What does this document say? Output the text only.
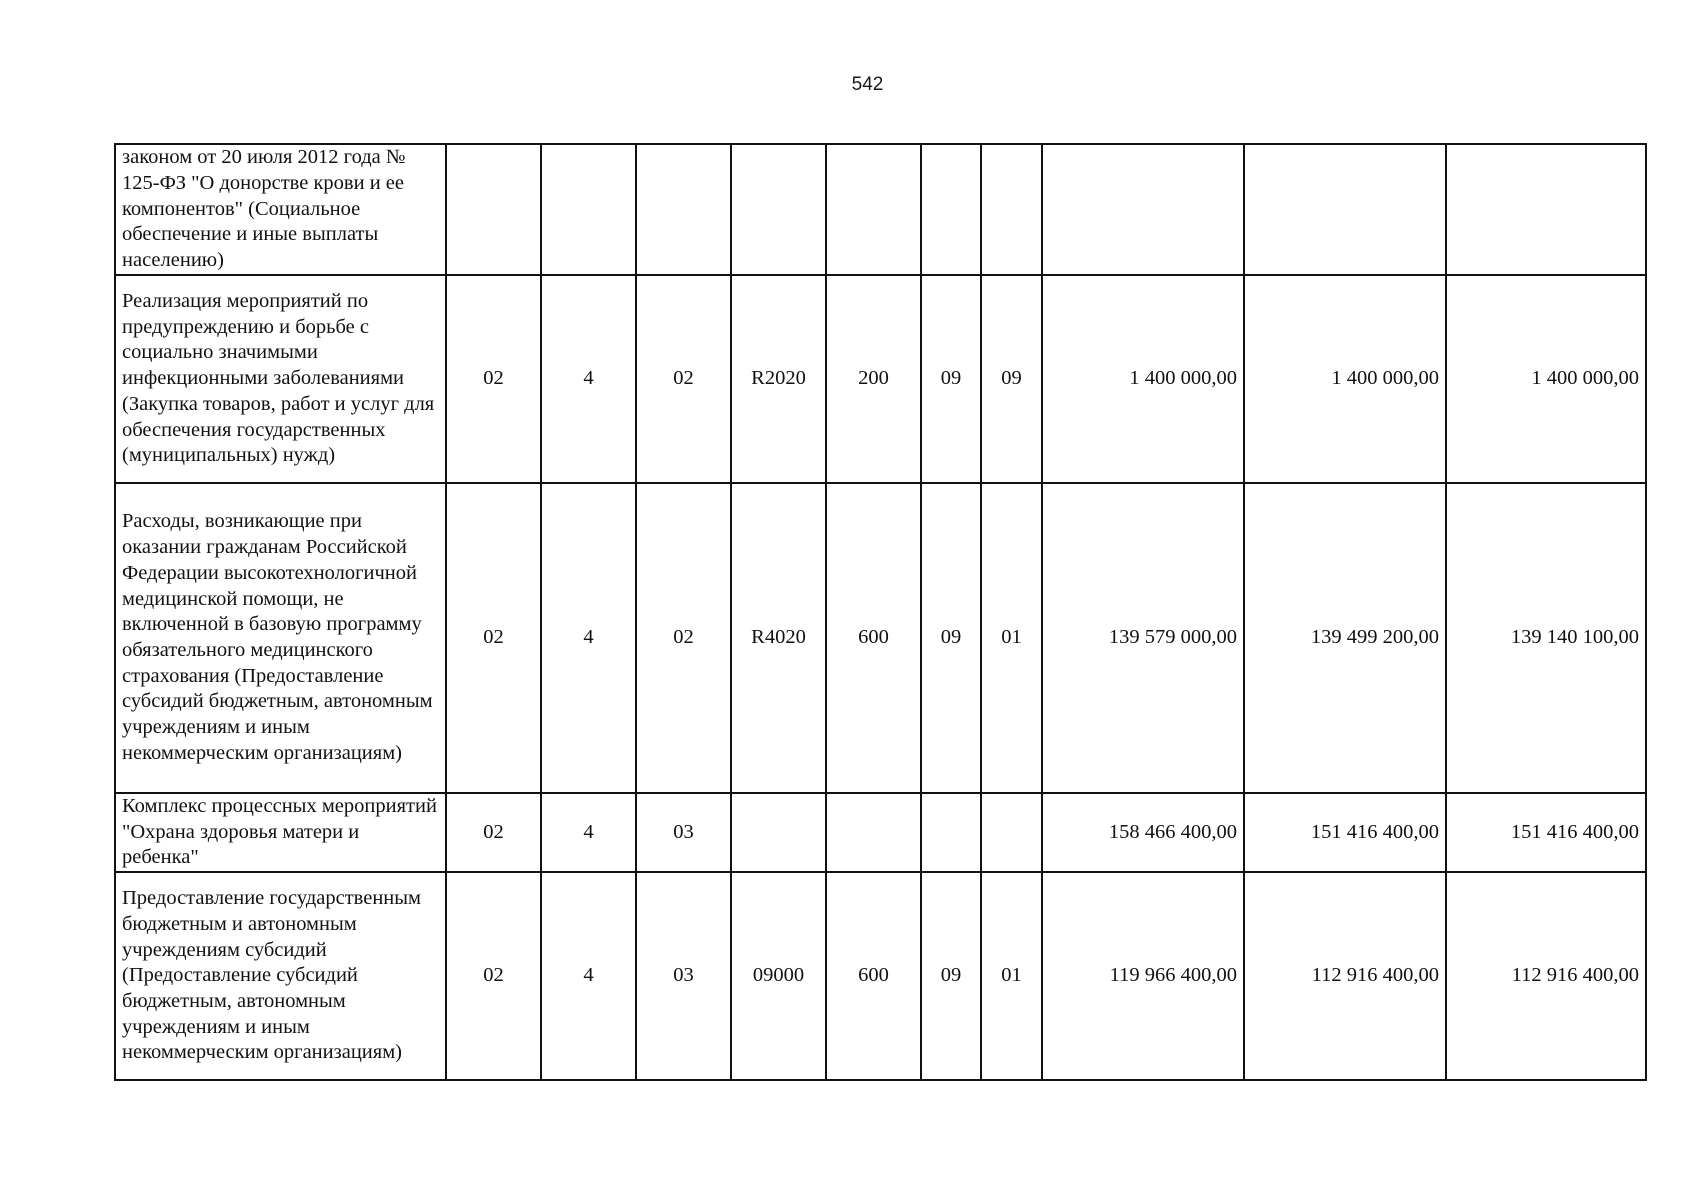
542
законом от 20 июля 2012 года № 125-ФЗ "О донорстве крови и ее компонентов" (Социальное обеспечение и иные выплаты населению)										
Реализация мероприятий по предупреждению и борьбе с социально значимыми инфекционными заболеваниями (Закупка товаров, работ и услуг для обеспечения государственных (муниципальных) нужд)	02	4	02	R2020	200	09	09	1 400 000,00	1 400 000,00	1 400 000,00
Расходы, возникающие при оказании гражданам Российской Федерации высокотехнологичной медицинской помощи, не включенной в базовую программу обязательного медицинского страхования (Предоставление субсидий бюджетным, автономным учреждениям и иным некоммерческим организациям)	02	4	02	R4020	600	09	01	139 579 000,00	139 499 200,00	139 140 100,00
Комплекс процессных мероприятий "Охрана здоровья матери и ребенка"	02	4	03					158 466 400,00	151 416 400,00	151 416 400,00
Предоставление государственным бюджетным и автономным учреждениям субсидий (Предоставление субсидий бюджетным, автономным учреждениям и иным некоммерческим организациям)	02	4	03	09000	600	09	01	119 966 400,00	112 916 400,00	112 916 400,00
